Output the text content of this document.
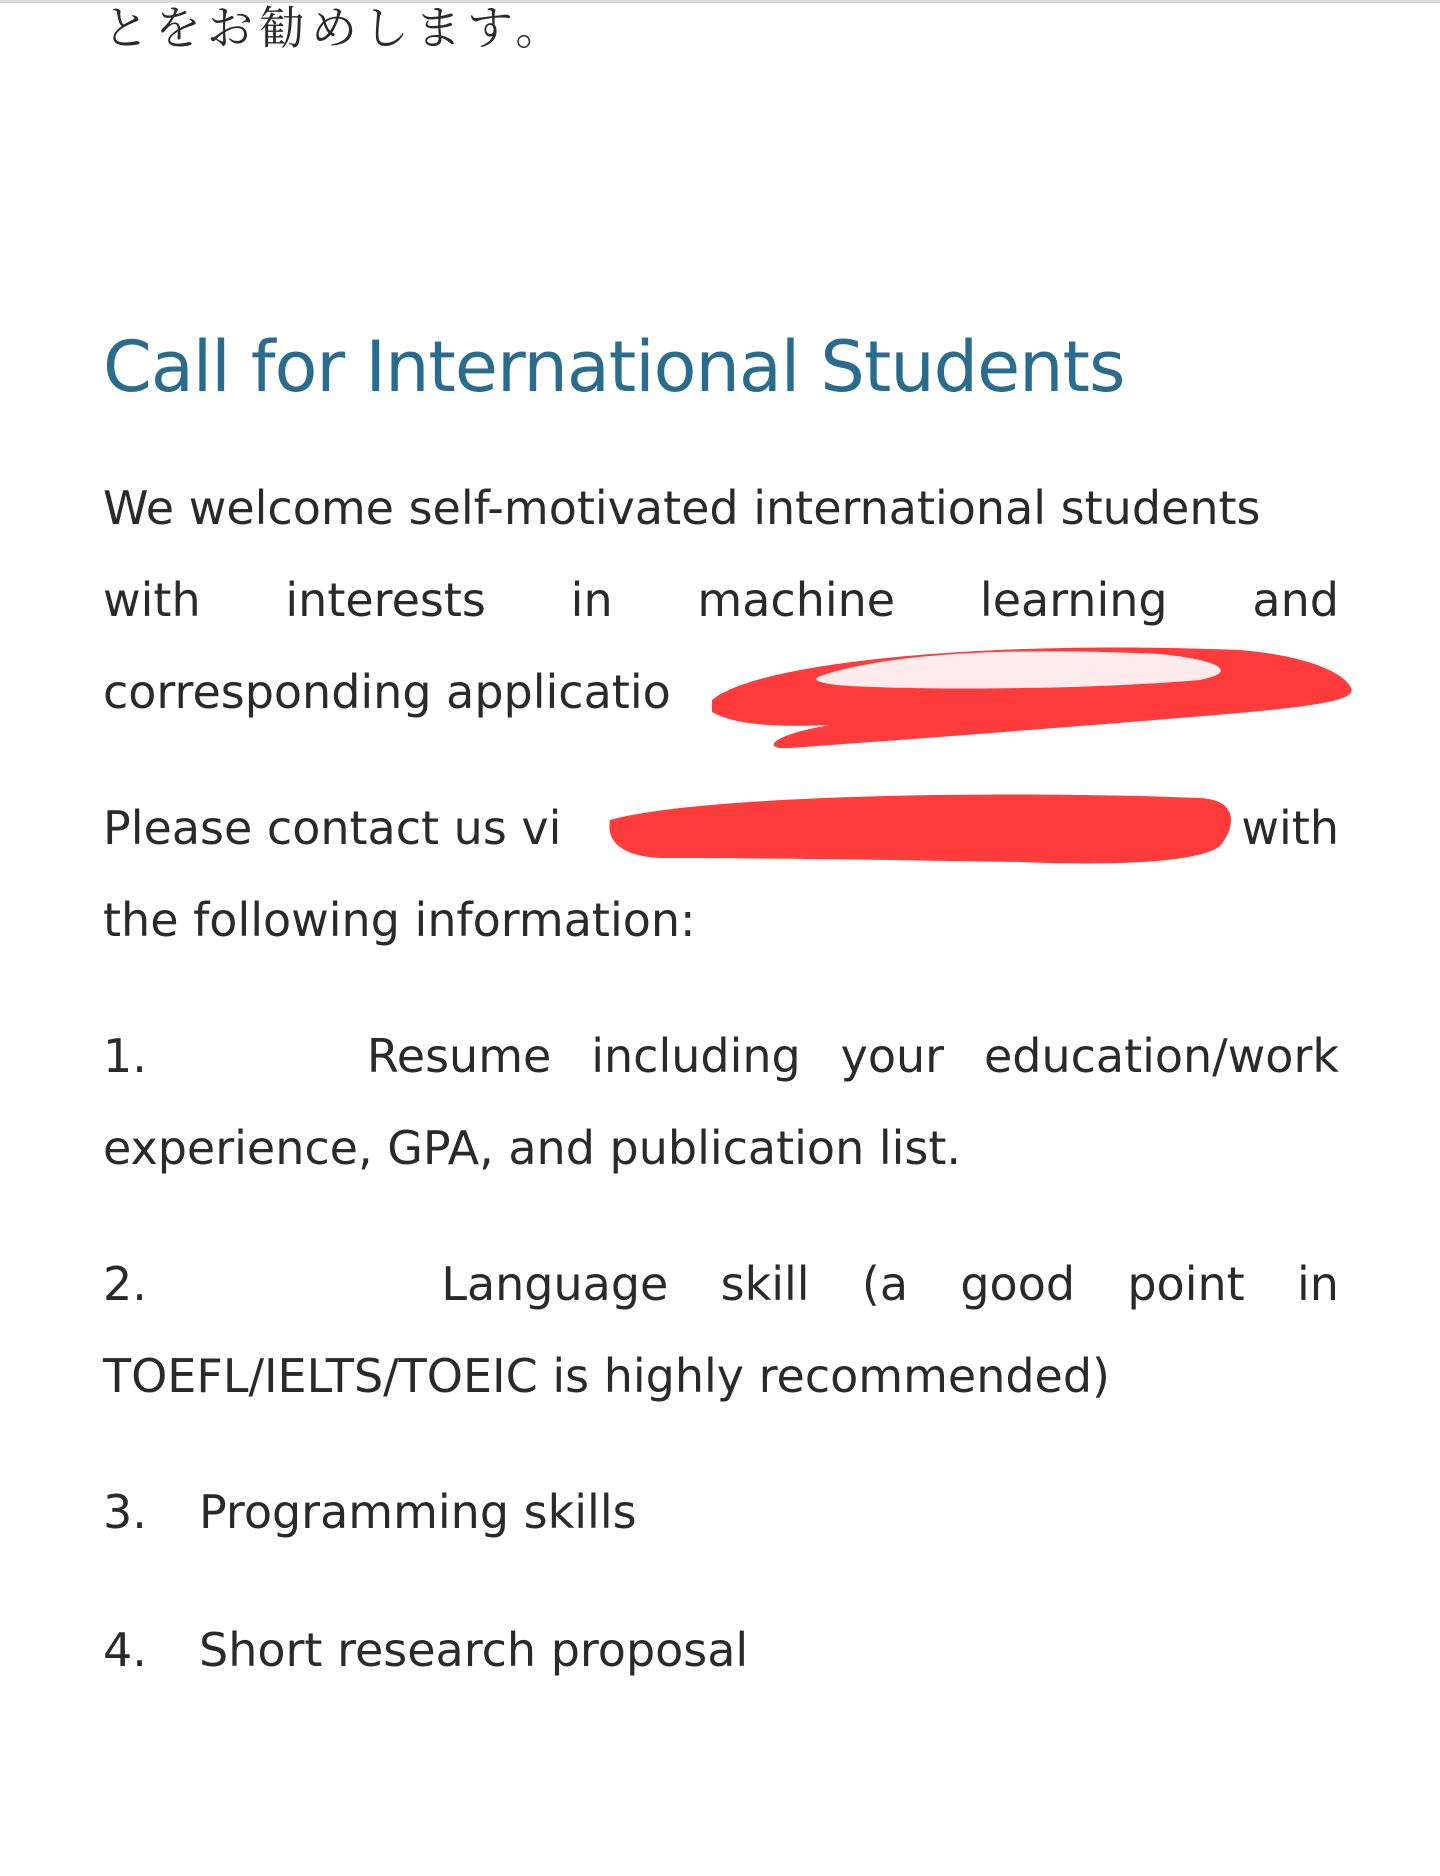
とをお勧めします。
Call for International Students
We welcome self-motivated international students
with interests in machine learning and
corresponding applicatio
Please contact us vi	with
the following information:
1.	Resume including your education/work
experience, GPA, and publication list.
2.	Language skill (a good point in
TOEFL/IELTS/TOEIC is highly recommended)
3. Programming skills
4. Short research proposal
